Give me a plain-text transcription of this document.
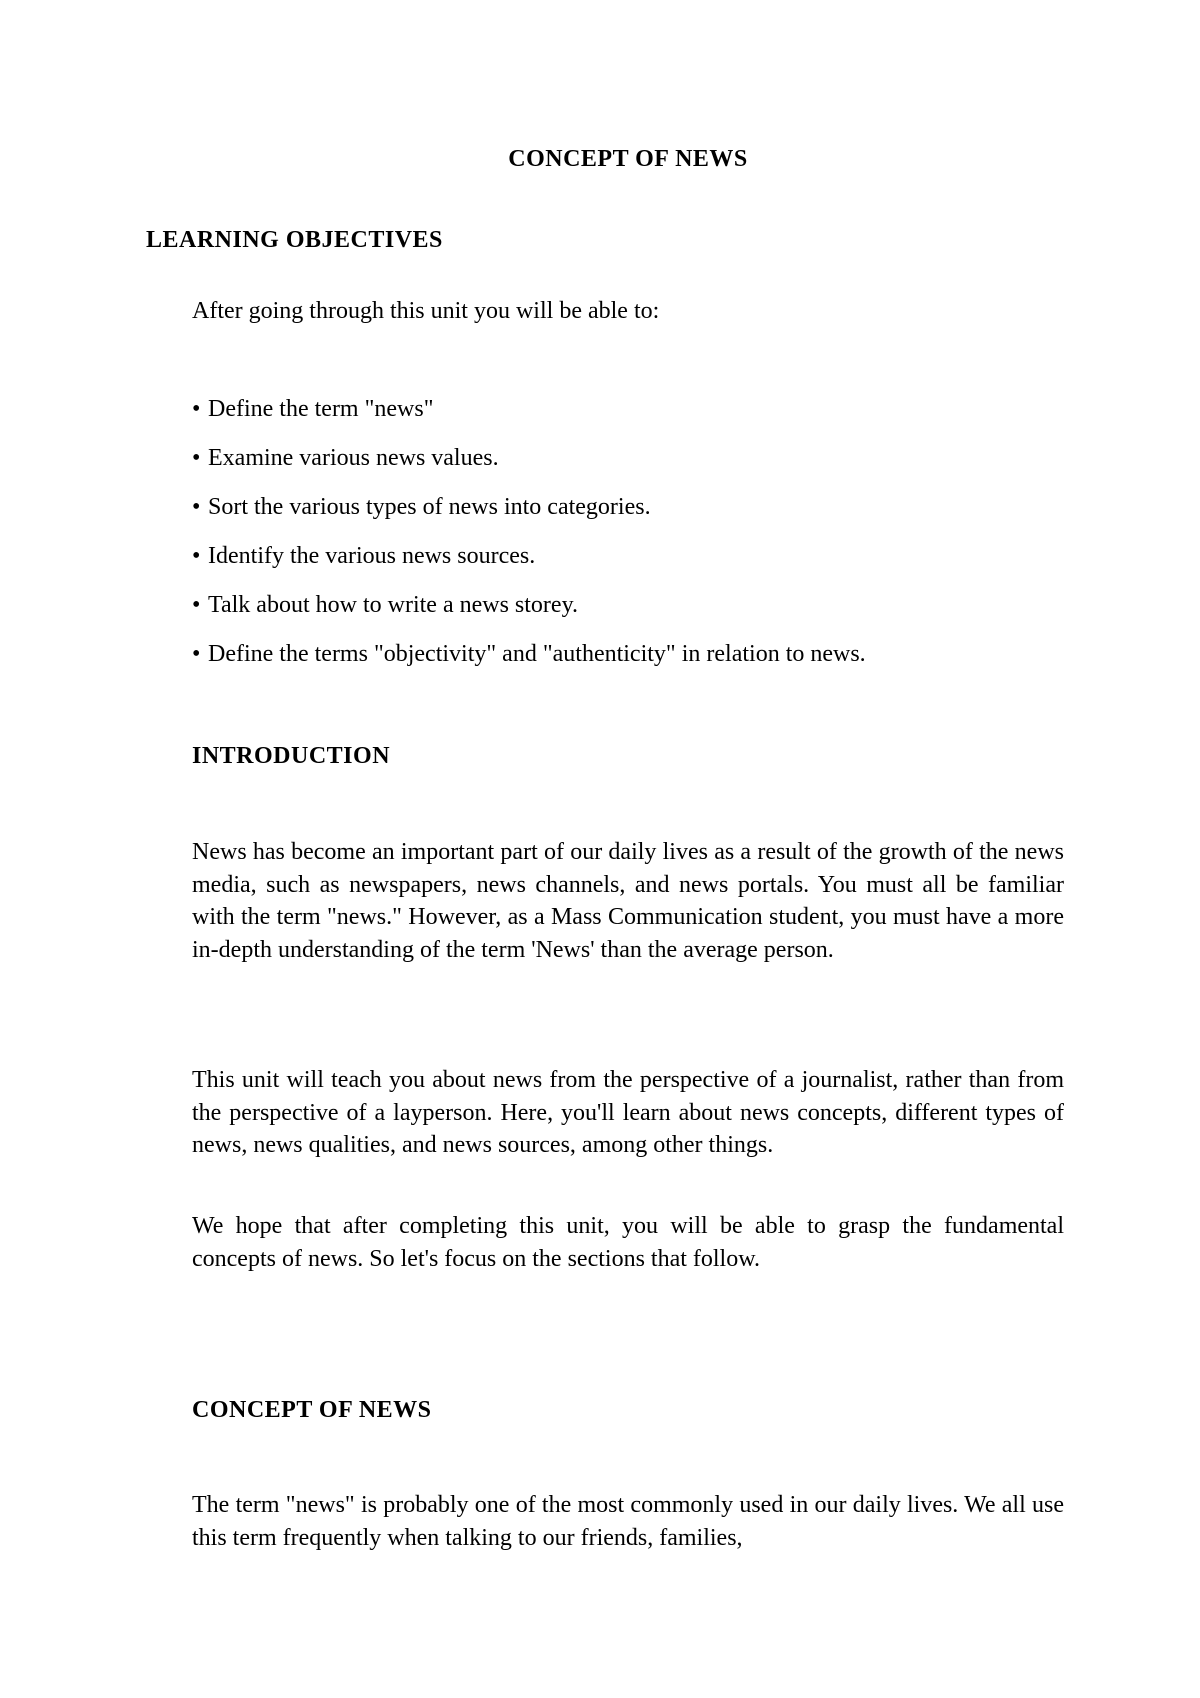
CONCEPT OF NEWS

LEARNING OBJECTIVES

After going through this unit you will be able to:

• Define the term "news"

• Examine various news values.

• Sort the various types of news into categories.

• Identify the various news sources.

• Talk about how to write a news storey.

• Define the terms "objectivity" and "authenticity" in relation to news.

INTRODUCTION

News has become an important part of our daily lives as a result of the growth of the news media, such as newspapers, news channels, and news portals. You must all be familiar with the term "news." However, as a Mass Communication student, you must have a more in-depth understanding of the term 'News' than the average person.

This unit will teach you about news from the perspective of a journalist, rather than from the perspective of a layperson. Here, you'll learn about news concepts, different types of news, news qualities, and news sources, among other things.

We hope that after completing this unit, you will be able to grasp the fundamental concepts of news. So let's focus on the sections that follow.

CONCEPT OF NEWS

The term "news" is probably one of the most commonly used in our daily lives. We all use this term frequently when talking to our friends, families,
